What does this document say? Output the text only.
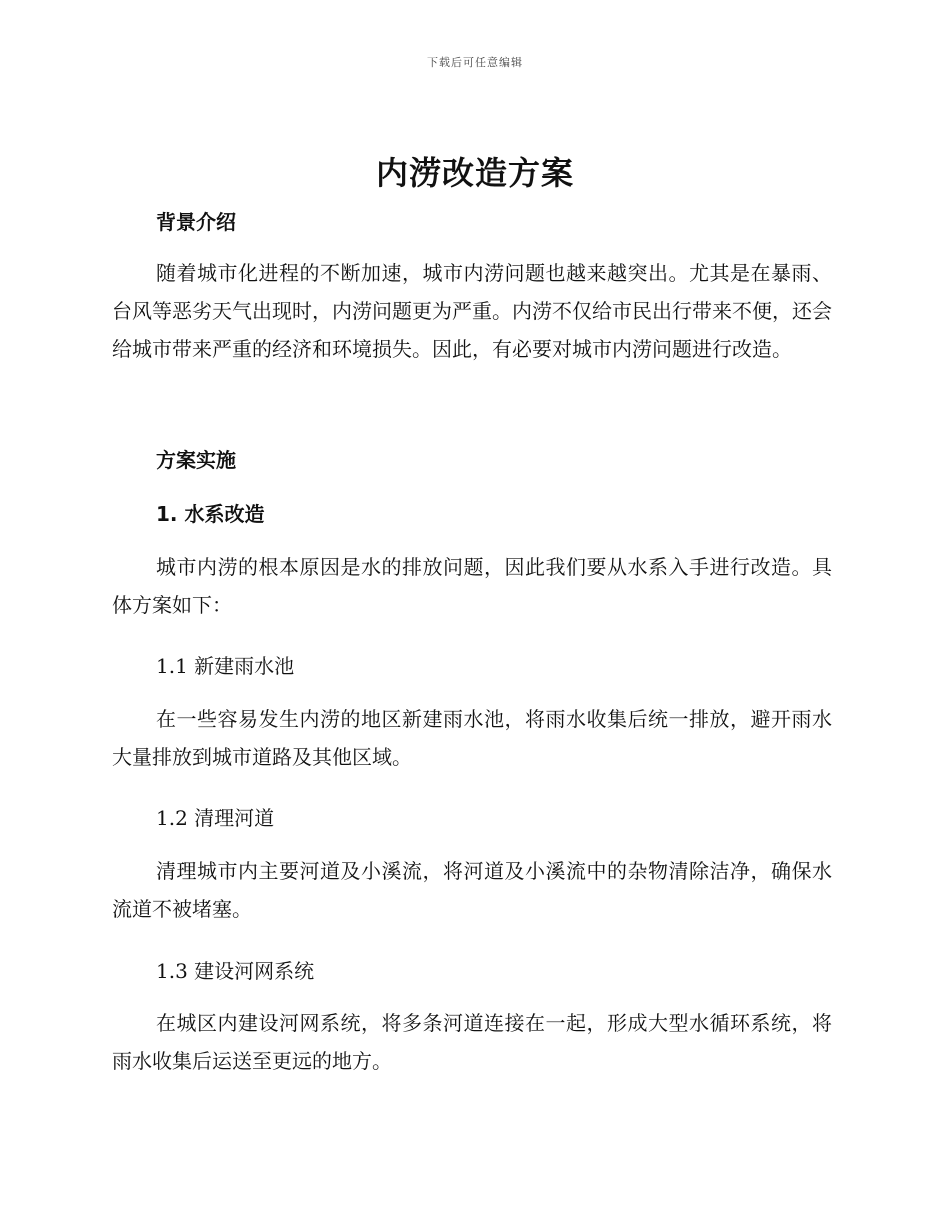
下载后可任意编辑
内涝改造方案
背景介绍
随着城市化进程的不断加速，城市内涝问题也越来越突出。尤其是在暴雨、台风等恶劣天气出现时，内涝问题更为严重。内涝不仅给市民出行带来不便，还会给城市带来严重的经济和环境损失。因此，有必要对城市内涝问题进行改造。
方案实施
1. 水系改造
城市内涝的根本原因是水的排放问题，因此我们要从水系入手进行改造。具体方案如下：
1.1 新建雨水池
在一些容易发生内涝的地区新建雨水池，将雨水收集后统一排放，避开雨水大量排放到城市道路及其他区域。
1.2 清理河道
清理城市内主要河道及小溪流，将河道及小溪流中的杂物清除洁净，确保水流道不被堵塞。
1.3 建设河网系统
在城区内建设河网系统，将多条河道连接在一起，形成大型水循环系统，将雨水收集后运送至更远的地方。
